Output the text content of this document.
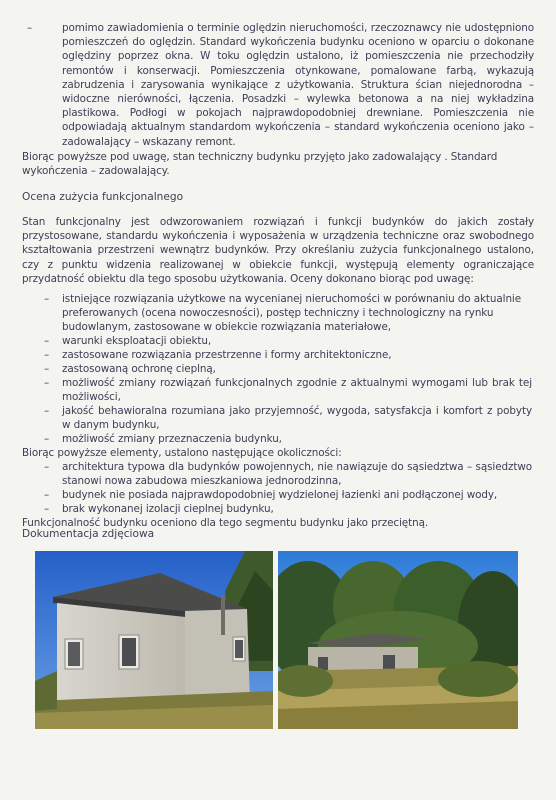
–	pomimo zawiadomienia o terminie oględzin nieruchomości, rzeczoznawcy nie udostępniono pomieszczeń do oględzin. Standard wykończenia budynku oceniono w oparciu o dokonane oględziny poprzez okna. W toku oględzin ustalono, iż pomieszczenia nie przechodziły remontów i konserwacji. Pomieszczenia otynkowane, pomalowane farbą, wykazują zabrudzenia i zarysowania wynikające z użytkowania. Struktura ścian niejednorodna – widoczne nierówności, łączenia. Posadzki – wylewka betonowa a na niej wykładzina plastikowa. Podłogi w pokojach najprawdopodobniej drewniane. Pomieszczenia nie odpowiadają aktualnym standardom wykończenia – standard wykończenia oceniono jako – zadowalający – wskazany remont.
Biorąc powyższe pod uwagę, stan techniczny budynku przyjęto jako zadowalający . Standard wykończenia – zadowalający.
Ocena zużycia funkcjonalnego
Stan funkcjonalny jest odwzorowaniem rozwiązań i funkcji budynków do jakich zostały przystosowane, standardu wykończenia i wyposażenia w urządzenia techniczne oraz swobodnego kształtowania przestrzeni wewnątrz budynków. Przy określaniu zużycia funkcjonalnego ustalono, czy z punktu widzenia realizowanej w obiekcie funkcji, występują elementy ograniczające przydatność obiektu dla tego sposobu użytkowania. Oceny dokonano biorąc pod uwagę:
– istniejące rozwiązania użytkowe na wycenianej nieruchomości w porównaniu do aktualnie preferowanych (ocena nowoczesności), postęp techniczny i technologiczny na rynku budowlanym, zastosowane w obiekcie rozwiązania materiałowe,
– warunki eksploatacji obiektu,
– zastosowane rozwiązania przestrzenne i formy architektoniczne,
– zastosowaną ochronę cieplną,
– możliwość zmiany rozwiązań funkcjonalnych zgodnie z aktualnymi wymogami lub brak tej możliwości,
– jakość behawioralna rozumiana jako przyjemność, wygoda, satysfakcja i komfort z pobyty w danym budynku,
– możliwość zmiany przeznaczenia budynku,
Biorąc powyższe elementy, ustalono następujące okoliczności:
– architektura typowa dla budynków powojennych, nie nawiązuje do sąsiedztwa – sąsiedztwo stanowi nowa zabudowa mieszkaniowa jednorodzinna,
– budynek nie posiada najprawdopodobniej wydzielonej łazienki ani podłączonej wody,
– brak wykonanej izolacji cieplnej budynku,
Funkcjonalność budynku oceniono dla tego segmentu budynku jako przeciętną.
Dokumentacja zdjęciowa
